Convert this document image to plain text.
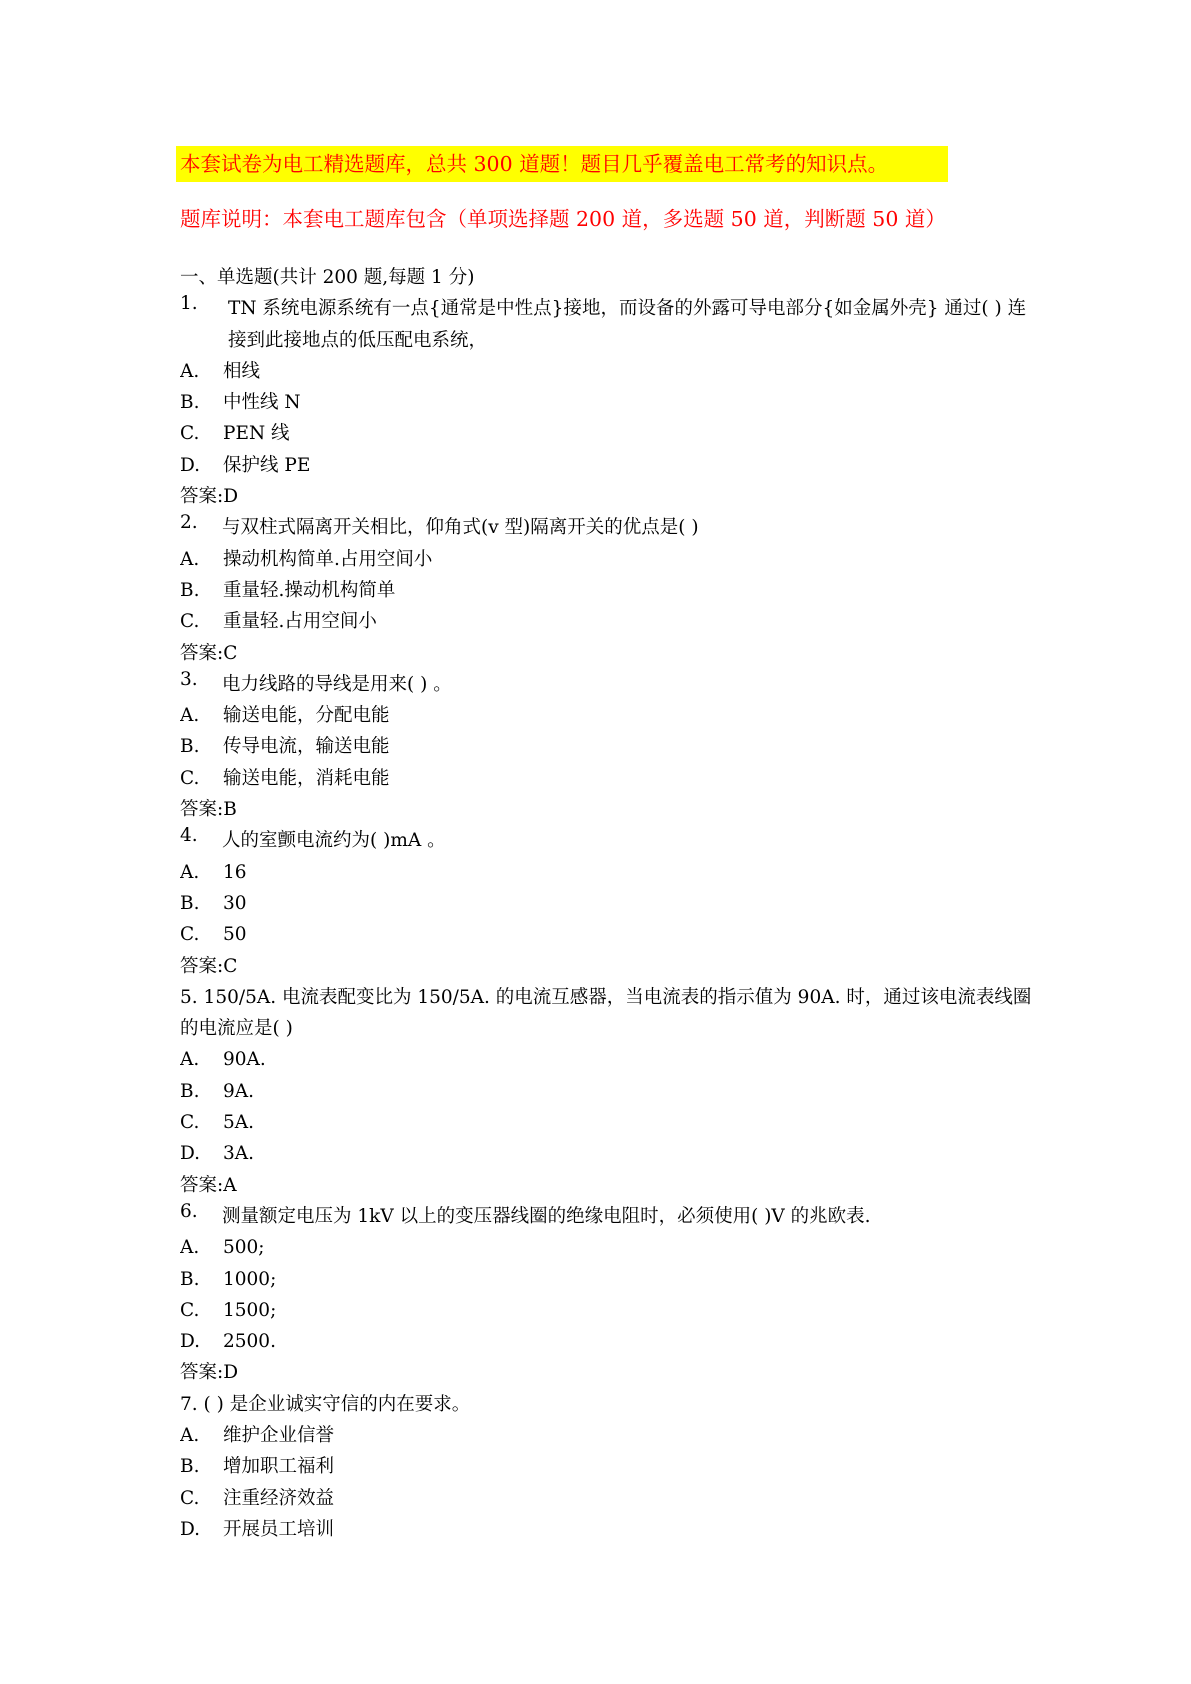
本套试卷为电工精选题库，总共 300 道题！题目几乎覆盖电工常考的知识点。
题库说明：本套电工题库包含（单项选择题 200 道，多选题 50 道，判断题 50 道）
一、单选题(共计 200 题,每题 1 分)
1.	TN 系统电源系统有一点{通常是中性点}接地，而设备的外露可导电部分{如金属外壳} 通过( ) 连接到此接地点的低压配电系统，
A. 相线
B. 中性线 N
C. PEN 线
D. 保护线 PE
答案:D
2.	与双柱式隔离开关相比，仰角式(v 型)隔离开关的优点是( )
A. 操动机构简单.占用空间小
B. 重量轻.操动机构简单
C. 重量轻.占用空间小
答案:C
3.	电力线路的导线是用来( ) 。
A. 输送电能，分配电能
B. 传导电流，输送电能
C. 输送电能，消耗电能
答案:B
4.	人的室颤电流约为( )mA 。
A. 16
B. 30
C. 50
答案:C
5. 150/5A. 电流表配变比为 150/5A. 的电流互感器，当电流表的指示值为 90A. 时，通过该电流表线圈的电流应是( )
A. 90A.
B. 9A.
C. 5A.
D. 3A.
答案:A
6.	测量额定电压为 1kV 以上的变压器线圈的绝缘电阻时，必须使用( )V 的兆欧表.
A. 500;
B. 1000;
C. 1500;
D. 2500.
答案:D
7. ( ) 是企业诚实守信的内在要求。
A. 维护企业信誉
B. 增加职工福利
C. 注重经济效益
D. 开展员工培训
